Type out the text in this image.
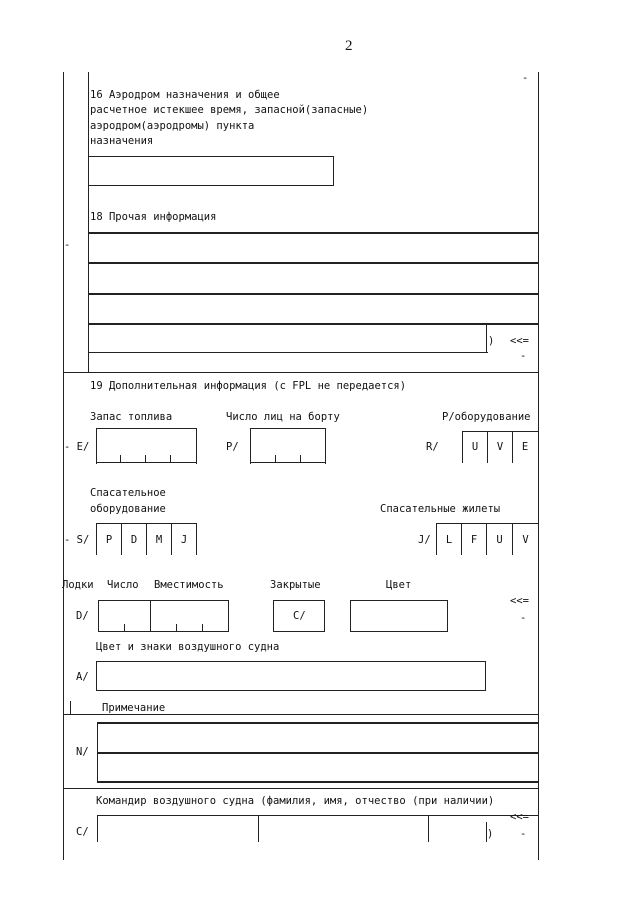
2
-
16 Аэродром назначения и общее
расчетное истекшее время, запасной(запасные)
аэродром(аэродромы) пункта
назначения
18 Прочая информация
-
) <<=
-
19 Дополнительная информация (с FPL не передается)
Запас топлива	Число лиц на борту	Р/оборудование
- E/	P/	R/	U	V	E
Спасательное
оборудование	Спасательные жилеты
- S/	P	D	M	J	J/	L	F	U	V
Лодки Число Вместимость	Закрытые	Цвет
D/	C/
<<=
-
Цвет и знаки воздушного судна
A/
Примечание
N/
Командир воздушного судна (фамилия, имя, отчество (при наличии)
C/	)
<<=
-
